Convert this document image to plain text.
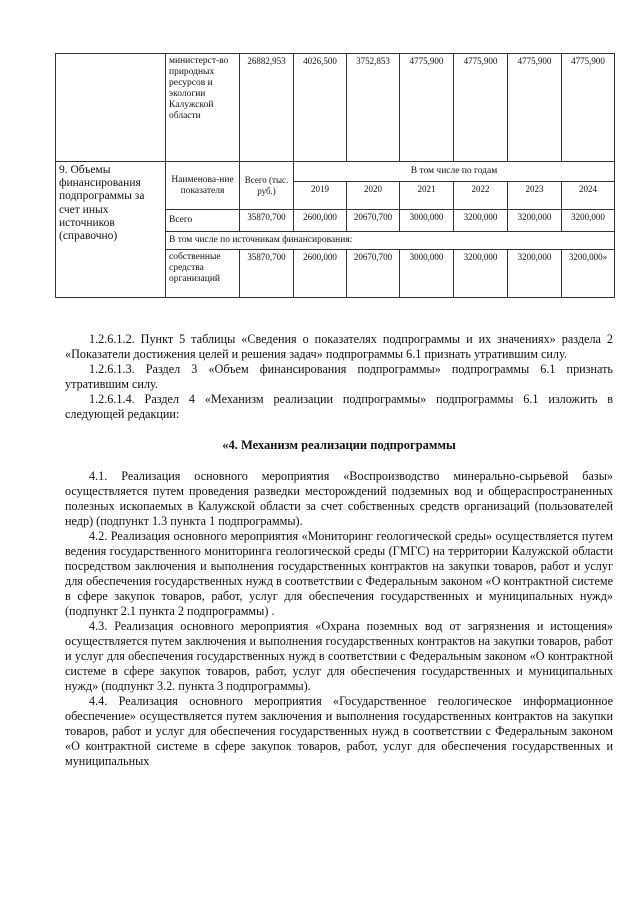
	министерст-во природных ресурсов и экологии Калужской области	26882,953	4026,500	3752,853	4775,900	4775,900	4775,900	4775,900
9. Объемы финансирования подпрограммы за счет иных источников (справочно)	Наименова-ние показателя	Всего (тыс. руб.)	В том числе по годам					
			2019	2020	2021	2022	2023	2024
	Всего	35870,700	2600,000	20670,700	3000,000	3200,000	3200,000	3200,000
	В том числе по источникам финансирования:							
	собственные средства организаций	35870,700	2600,000	20670,700	3000,000	3200,000	3200,000	3200,000»

1.2.6.1.2. Пункт 5 таблицы «Сведения о показателях подпрограммы и их значениях» раздела 2 «Показатели достижения целей и решения задач» подпрограммы 6.1 признать утратившим силу.

1.2.6.1.3. Раздел 3 «Объем финансирования подпрограммы» подпрограммы 6.1 признать утратившим силу.

1.2.6.1.4. Раздел 4 «Механизм реализации подпрограммы» подпрограммы 6.1 изложить в следующей редакции:

«4. Механизм реализации подпрограммы

4.1. Реализация основного мероприятия «Воспроизводство минерально-сырьевой базы» осуществляется путем проведения разведки месторождений подземных вод и общераспространенных полезных ископаемых в Калужской области за счет собственных средств организаций (пользователей недр) (подпункт 1.3 пункта 1 подпрограммы).

4.2. Реализация основного мероприятия «Мониторинг геологической среды» осуществляется путем ведения государственного мониторинга геологической среды (ГМГС) на территории Калужской области посредством заключения и выполнения государственных контрактов на закупки товаров, работ и услуг для обеспечения государственных нужд в соответствии с Федеральным законом «О контрактной системе в сфере закупок товаров, работ, услуг для обеспечения государственных и муниципальных нужд» (подпункт 2.1 пункта 2 подпрограммы) .

4.3. Реализация основного мероприятия «Охрана поземных вод от загрязнения и истощения» осуществляется путем заключения и выполнения государственных контрактов на закупки товаров, работ и услуг для обеспечения государственных нужд в соответствии с Федеральным законом «О контрактной системе в сфере закупок товаров, работ, услуг для обеспечения государственных и муниципальных нужд» (подпункт 3.2. пункта 3 подпрограммы).

4.4. Реализация основного мероприятия «Государственное геологическое информационное обеспечение» осуществляется путем заключения и выполнения государственных контрактов на закупки товаров, работ и услуг для обеспечения государственных нужд в соответствии с Федеральным законом «О контрактной системе в сфере закупок товаров, работ, услуг для обеспечения государственных и муниципальных
